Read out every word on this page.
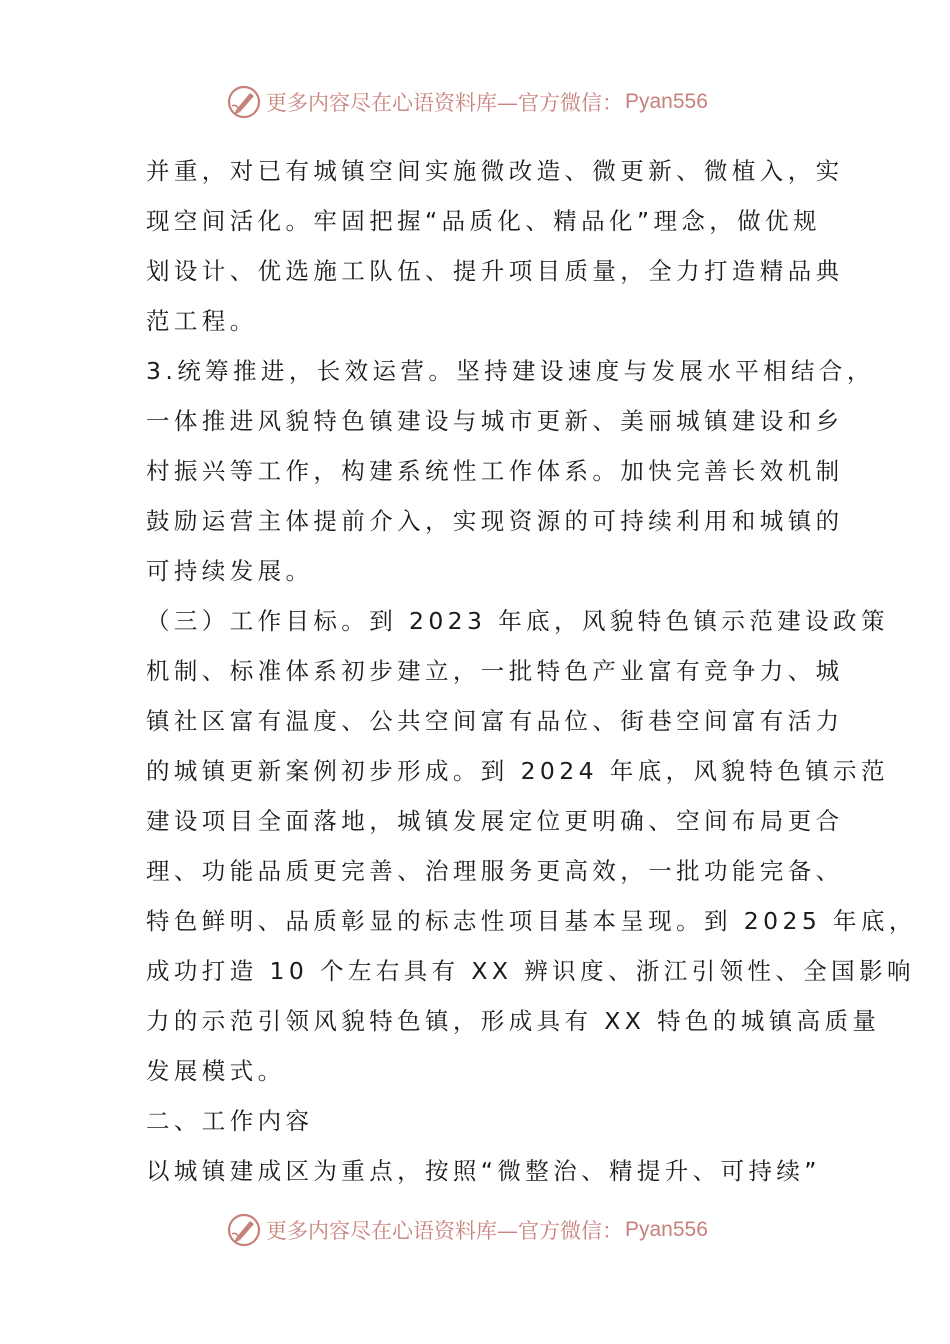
更多内容尽在心语资料库—官方微信： Pyan556
并重，对已有城镇空间实施微改造、微更新、微植入，实
现空间活化。牢固把握“品质化、精品化”理念，做优规
划设计、优选施工队伍、提升项目质量，全力打造精品典
范工程。
3.统筹推进，长效运营。坚持建设速度与发展水平相结合，
一体推进风貌特色镇建设与城市更新、美丽城镇建设和乡
村振兴等工作，构建系统性工作体系。加快完善长效机制
鼓励运营主体提前介入，实现资源的可持续利用和城镇的
可持续发展。
（三）工作目标。到 2023 年底，风貌特色镇示范建设政策
机制、标准体系初步建立，一批特色产业富有竞争力、城
镇社区富有温度、公共空间富有品位、街巷空间富有活力
的城镇更新案例初步形成。到 2024 年底，风貌特色镇示范
建设项目全面落地，城镇发展定位更明确、空间布局更合
理、功能品质更完善、治理服务更高效，一批功能完备、
特色鲜明、品质彰显的标志性项目基本呈现。到 2025 年底，
成功打造 10 个左右具有 XX 辨识度、浙江引领性、全国影响
力的示范引领风貌特色镇，形成具有 XX 特色的城镇高质量
发展模式。
二、工作内容
以城镇建成区为重点，按照“微整治、精提升、可持续”
更多内容尽在心语资料库—官方微信： Pyan556
